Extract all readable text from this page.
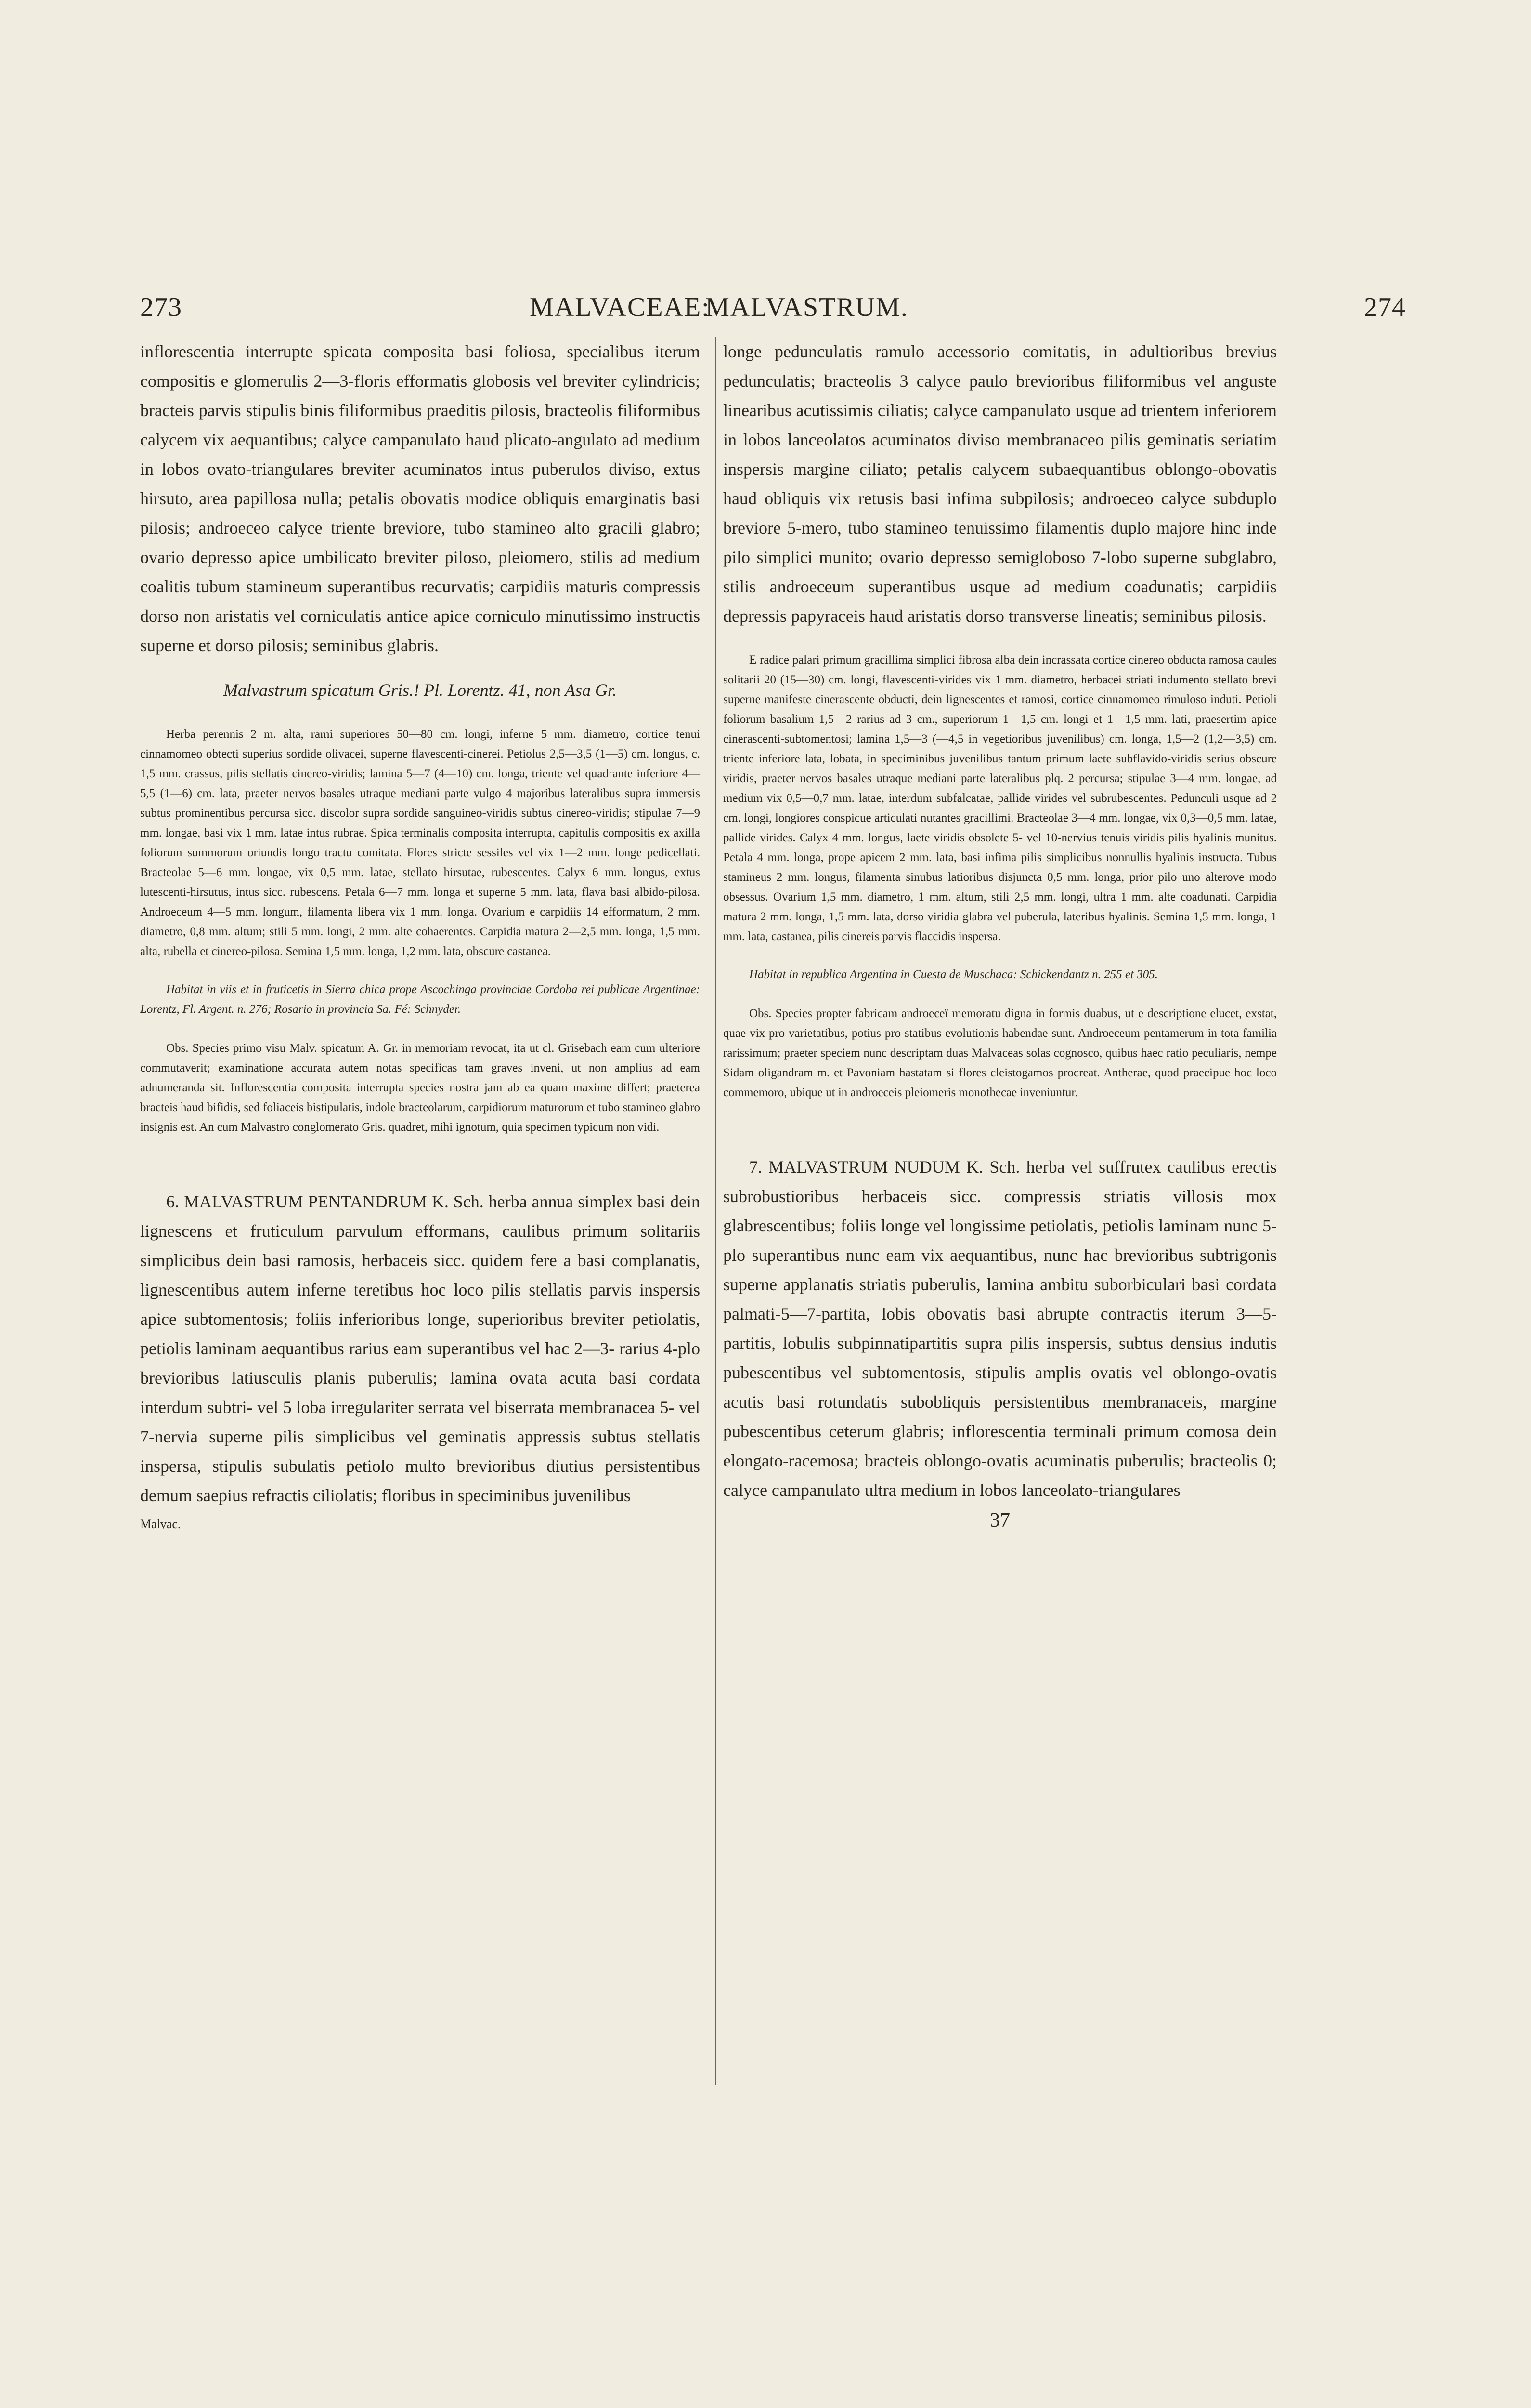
273	MALVACEAE:
MALVASTRUM.	274

inflorescentia interrupte spicata composita basi foliosa, specialibus iterum compositis e glomerulis 2—3-floris efformatis globosis vel breviter cylindricis; bracteis parvis stipulis binis filiformibus praeditis pilosis, bracteolis filiformibus calycem vix aequantibus; calyce campanulato haud plicato-angulato ad medium in lobos ovato-triangulares breviter acuminatos intus puberulos diviso, extus hirsuto, area papillosa nulla; petalis obovatis modice obliquis emarginatis basi pilosis; androeceo calyce triente breviore, tubo stamineo alto gracili glabro; ovario depresso apice umbilicato breviter piloso, pleiomero, stilis ad medium coalitis tubum stamineum superantibus recurvatis; carpidiis maturis compressis dorso non aristatis vel corniculatis antice apice corniculo minutissimo instructis superne et dorso pilosis; seminibus glabris.

Malvastrum spicatum Gris.! Pl. Lorentz. 41, non Asa Gr.

Herba perennis 2 m. alta, rami superiores 50—80 cm. longi, inferne 5 mm. diametro, cortice tenui cinnamomeo obtecti superius sordide olivacei, superne flavescenti-cinerei. Petiolus 2,5—3,5 (1—5) cm. longus, c. 1,5 mm. crassus, pilis stellatis cinereo-viridis; lamina 5—7 (4—10) cm. longa, triente vel quadrante inferiore 4—5,5 (1—6) cm. lata, praeter nervos basales utraque mediani parte vulgo 4 majoribus lateralibus supra immersis subtus prominentibus percursa sicc. discolor supra sordide sanguineo-viridis subtus cinereo-viridis; stipulae 7—9 mm. longae, basi vix 1 mm. latae intus rubrae. Spica terminalis composita interrupta, capitulis compositis ex axilla foliorum summorum oriundis longo tractu comitata. Flores stricte sessiles vel vix 1—2 mm. longe pedicellati. Bracteolae 5—6 mm. longae, vix 0,5 mm. latae, stellato hirsutae, rubescentes. Calyx 6 mm. longus, extus lutescenti-hirsutus, intus sicc. rubescens. Petala 6—7 mm. longa et superne 5 mm. lata, flava basi albido-pilosa. Androeceum 4—5 mm. longum, filamenta libera vix 1 mm. longa. Ovarium e carpidiis 14 efformatum, 2 mm. diametro, 0,8 mm. altum; stili 5 mm. longi, 2 mm. alte cohaerentes. Carpidia matura 2—2,5 mm. longa, 1,5 mm. alta, rubella et cinereo-pilosa. Semina 1,5 mm. longa, 1,2 mm. lata, obscure castanea.

Habitat in viis et in fruticetis in Sierra chica prope Ascochinga provinciae Cordoba rei publicae Argentinae: Lorentz, Fl. Argent. n. 276; Rosario in provincia Sa. Fé: Schnyder.

Obs. Species primo visu Malv. spicatum A. Gr. in memoriam revocat, ita ut cl. Grisebach eam cum ulteriore commutaverit; examinatione accurata autem notas specificas tam graves inveni, ut non amplius ad eam adnumeranda sit. Inflorescentia composita interrupta species nostra jam ab ea quam maxime differt; praeterea bracteis haud bifidis, sed foliaceis bistipulatis, indole bracteolarum, carpidiorum maturorum et tubo stamineo glabro insignis est. An cum Malvastro conglomerato Gris. quadret, mihi ignotum, quia specimen typicum non vidi.

6. MALVASTRUM PENTANDRUM K. Sch. herba annua simplex basi dein lignescens et fruticulum parvulum efformans, caulibus primum solitariis simplicibus dein basi ramosis, herbaceis sicc. quidem fere a basi complanatis, lignescentibus autem inferne teretibus hoc loco pilis stellatis parvis inspersis apice subtomentosis; foliis inferioribus longe, superioribus breviter petiolatis, petiolis laminam aequantibus rarius eam superantibus vel hac 2—3- rarius 4-plo brevioribus latiusculis planis puberulis; lamina ovata acuta basi cordata interdum subtri- vel 5 loba irregulariter serrata vel biserrata membranacea 5- vel 7-nervia superne pilis simplicibus vel geminatis appressis subtus stellatis inspersa, stipulis subulatis petiolo multo brevioribus diutius persistentibus demum saepius refractis ciliolatis; floribus in speciminibus juvenilibus

Malvac.

longe pedunculatis ramulo accessorio comitatis, in adultioribus brevius pedunculatis; bracteolis 3 calyce paulo brevioribus filiformibus vel anguste linearibus acutissimis ciliatis; calyce campanulato usque ad trientem inferiorem in lobos lanceolatos acuminatos diviso membranaceo pilis geminatis seriatim inspersis margine ciliato; petalis calycem subaequantibus oblongo-obovatis haud obliquis vix retusis basi infima subpilosis; androeceo calyce subduplo breviore 5-mero, tubo stamineo tenuissimo filamentis duplo majore hinc inde pilo simplici munito; ovario depresso semigloboso 7-lobo superne subglabro, stilis androeceum superantibus usque ad medium coadunatis; carpidiis depressis papyraceis haud aristatis dorso transverse lineatis; seminibus pilosis.

E radice palari primum gracillima simplici fibrosa alba dein incrassata cortice cinereo obducta ramosa caules solitarii 20 (15—30) cm. longi, flavescenti-virides vix 1 mm. diametro, herbacei striati indumento stellato brevi superne manifeste cinerascente obducti, dein lignescentes et ramosi, cortice cinnamomeo rimuloso induti. Petioli foliorum basalium 1,5—2 rarius ad 3 cm., superiorum 1—1,5 cm. longi et 1—1,5 mm. lati, praesertim apice cinerascenti-subtomentosi; lamina 1,5—3 (—4,5 in vegetioribus juvenilibus) cm. longa, 1,5—2 (1,2—3,5) cm. triente inferiore lata, lobata, in speciminibus juvenilibus tantum primum laete subflavido-viridis serius obscure viridis, praeter nervos basales utraque mediani parte lateralibus plq. 2 percursa; stipulae 3—4 mm. longae, ad medium vix 0,5—0,7 mm. latae, interdum subfalcatae, pallide virides vel subrubescentes. Pedunculi usque ad 2 cm. longi, longiores conspicue articulati nutantes gracillimi. Bracteolae 3—4 mm. longae, vix 0,3—0,5 mm. latae, pallide virides. Calyx 4 mm. longus, laete viridis obsolete 5- vel 10-nervius tenuis viridis pilis hyalinis munitus. Petala 4 mm. longa, prope apicem 2 mm. lata, basi infima pilis simplicibus nonnullis hyalinis instructa. Tubus stamineus 2 mm. longus, filamenta sinubus latioribus disjuncta 0,5 mm. longa, prior pilo uno alterove modo obsessus. Ovarium 1,5 mm. diametro, 1 mm. altum, stili 2,5 mm. longi, ultra 1 mm. alte coadunati. Carpidia matura 2 mm. longa, 1,5 mm. lata, dorso viridia glabra vel puberula, lateribus hyalinis. Semina 1,5 mm. longa, 1 mm. lata, castanea, pilis cinereis parvis flaccidis inspersa.

Habitat in republica Argentina in Cuesta de Muschaca: Schickendantz n. 255 et 305.

Obs. Species propter fabricam androeceï memoratu digna in formis duabus, ut e descriptione elucet, exstat, quae vix pro varietatibus, potius pro statibus evolutionis habendae sunt. Androeceum pentamerum in tota familia rarissimum; praeter speciem nunc descriptam duas Malvaceas solas cognosco, quibus haec ratio peculiaris, nempe Sidam oligandram m. et Pavoniam hastatam si flores cleistogamos procreat. Antherae, quod praecipue hoc loco commemoro, ubique ut in androeceis pleiomeris monothecae inveniuntur.

7. MALVASTRUM NUDUM K. Sch. herba vel suffrutex caulibus erectis subrobustioribus herbaceis sicc. compressis striatis villosis mox glabrescentibus; foliis longe vel longissime petiolatis, petiolis laminam nunc 5-plo superantibus nunc eam vix aequantibus, nunc hac brevioribus subtrigonis superne applanatis striatis puberulis, lamina ambitu suborbiculari basi cordata palmati-5—7-partita, lobis obovatis basi abrupte contractis iterum 3—5-partitis, lobulis subpinnatipartitis supra pilis inspersis, subtus densius indutis pubescentibus vel subtomentosis, stipulis amplis ovatis vel oblongo-ovatis acutis basi rotundatis subobliquis persistentibus membranaceis, margine pubescentibus ceterum glabris; inflorescentia terminali primum comosa dein elongato-racemosa; bracteis oblongo-ovatis acuminatis puberulis; bracteolis 0; calyce campanulato ultra medium in lobos lanceolato-triangulares

37
